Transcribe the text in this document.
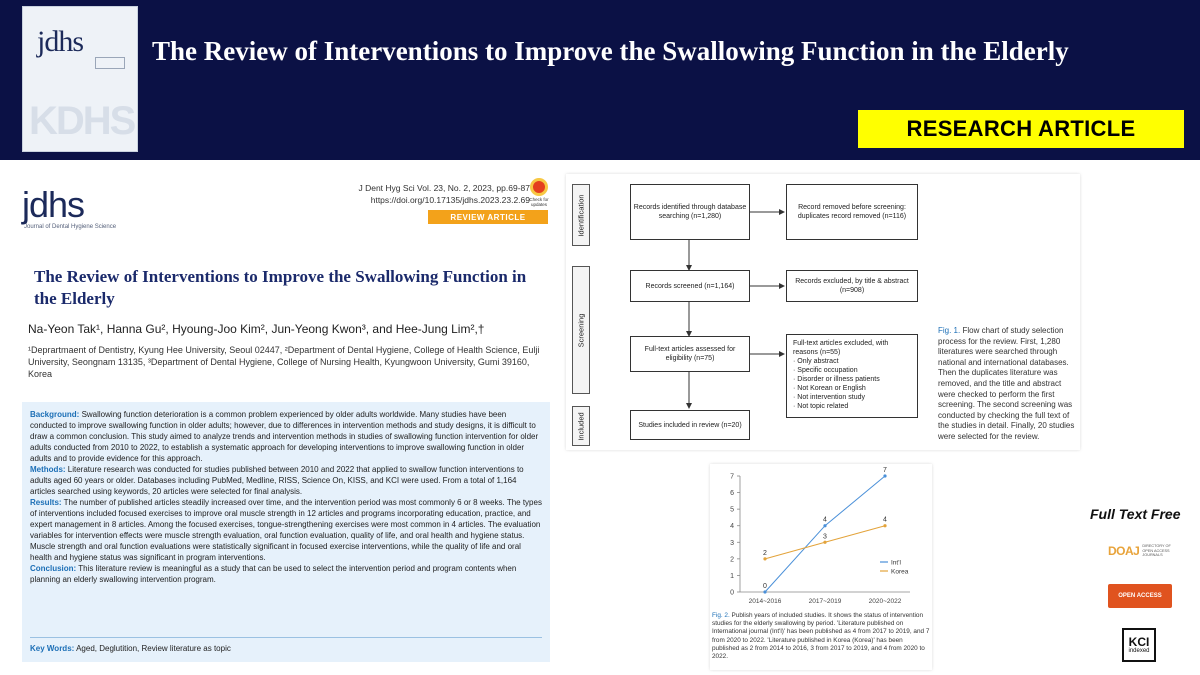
jdhs
KDHS
The Review of Interventions to Improve the Swallowing Function in the Elderly
RESEARCH ARTICLE
jdhs
Journal of Dental Hygiene Science
J Dent Hyg Sci Vol. 23, No. 2, 2023, pp.69-87
https://doi.org/10.17135/jdhs.2023.23.2.69 Check for updates
REVIEW ARTICLE
The Review of Interventions to Improve the Swallowing Function in the Elderly
Na-Yeon Tak¹, Hanna Gu², Hyoung-Joo Kim², Jun-Yeong Kwon³, and Hee-Jung Lim²,†
¹Deprartmaent of Dentistry, Kyung Hee University, Seoul 02447, ²Department of Dental Hygiene, College of Health Science, Eulji University, Seongnam 13135, ³Department of Dental Hygiene, College of Nursing Health, Kyungwoon University, Gumi 39160, Korea

Background: Swallowing function deterioration is a common problem experienced by older adults worldwide. Many studies have been conducted to improve swallowing function in older adults; however, due to differences in intervention methods and study designs, it is difficult to draw a common conclusion. This study aimed to analyze trends and intervention methods in studies of swallowing function intervention for older adults conducted from 2010 to 2022, to establish a systematic approach for developing interventions to improve swallowing function in older adults and to provide evidence for this approach.

Methods: Literature research was conducted for studies published between 2010 and 2022 that applied to swallow function interventions to adults aged 60 years or older. Databases including PubMed, Medline, RISS, Science On, KISS, and KCI were used. From a total of 1,164 articles searched using keywords, 20 articles were selected for final analysis.

Results: The number of published articles steadily increased over time, and the intervention period was most commonly 6 or 8 weeks. The types of interventions included focused exercises to improve oral muscle strength in 12 articles and programs incorporating education, practice, and expert management in 8 articles. Among the focused exercises, tongue-strengthening exercises were most common in 4 articles. The evaluation variables for intervention effects were muscle strength evaluation, oral function evaluation, quality of life, and oral health and hygiene status. Muscle strength and oral function evaluations were statistically significant in focused exercise interventions, while the quality of life and oral health and hygiene status was significant in program interventions.

Conclusion: This literature review is meaningful as a study that can be used to select the intervention period and program contents when planning an elderly swallowing intervention program.

Key Words: Aged, Deglutition, Review literature as topic
Identification
Screening
Included
Records identified through database searching (n=1,280)
Record removed before screening: duplicates record removed (n=116)
Records screened (n=1,164)
Records excluded, by title & abstract (n=908)
Full-text articles assessed for eligibility (n=75)
Full-text articles excluded, with reasons (n=55)
· Only abstract
· Specific occupation
· Disorder or illness patients
· Not Korean or English
· Not intervention study
· Not topic related
Studies included in review (n=20)
Fig. 1. Flow chart of study selection process for the review. First, 1,280 literatures were searched through national and international databases. Then the duplicates literature was removed, and the title and abstract were checked to perform the first screening. The second screening was conducted by checking the full text of the studies in detail. Finally, 20 studies were selected for the review.
0
1
2
3
4
5
6
7
2014~2016	2017~2019	2020~2022
0
4
7
2
3
4
Int'l
Korea
Fig. 2. Publish years of included studies. It shows the status of intervention studies for the elderly swallowing by period. 'Literature published on International journal (Int'l)' has been published as 4 from 2017 to 2019, and 7 from 2020 to 2022. 'Literature published in Korea (Korea)' has been published as 2 from 2014 to 2016, 3 from 2017 to 2019, and 4 from 2020 to 2022.
Full Text Free
DOAJ DIRECTORY OF OPEN ACCESS JOURNALS
OPEN ACCESS
KCI
indexed
